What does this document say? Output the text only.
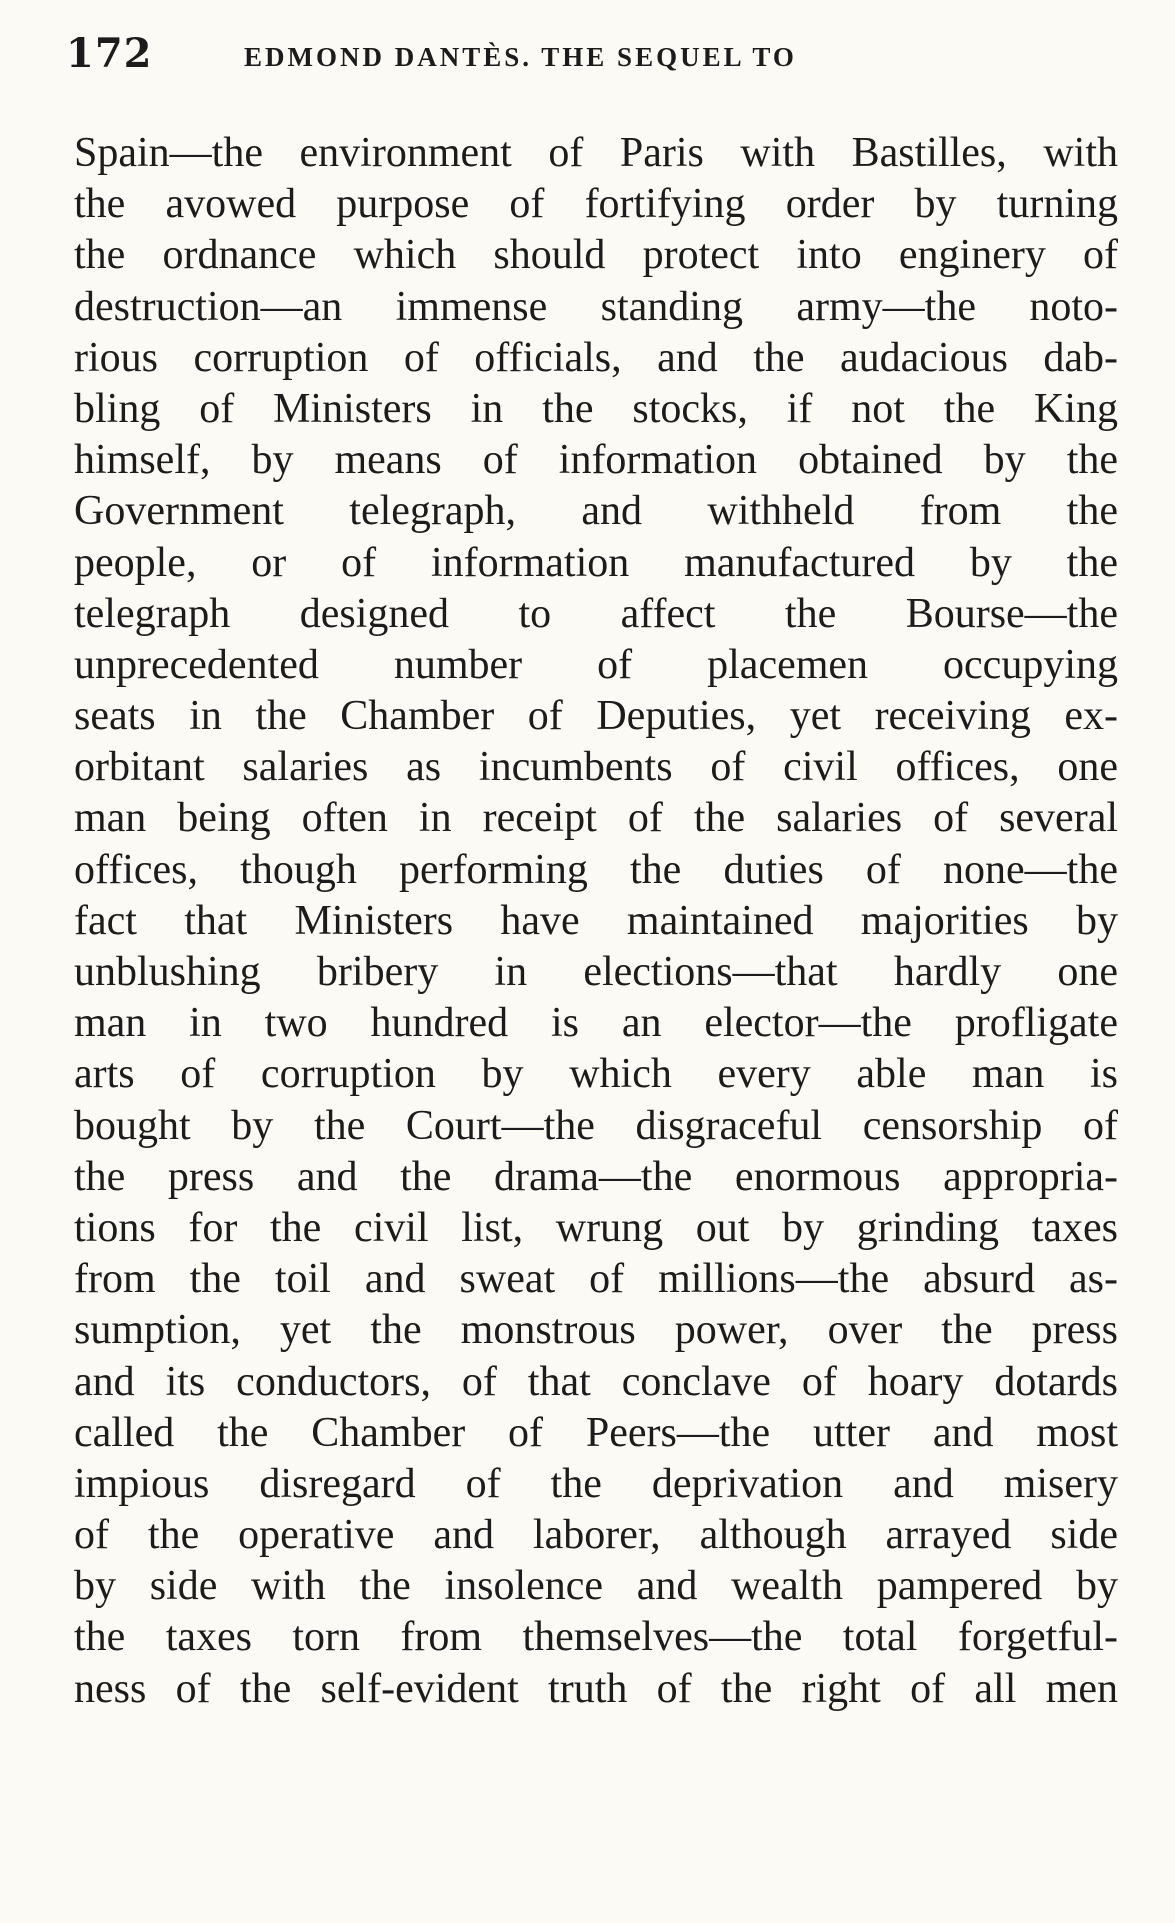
172	EDMOND DANTÈS. THE SEQUEL TO
Spain—the environment of Paris with Bastilles, with
the avowed purpose of fortifying order by turning
the ordnance which should protect into enginery of
destruction—an immense standing army—the noto-
rious corruption of officials, and the audacious dab-
bling of Ministers in the stocks, if not the King
himself, by means of information obtained by the
Government telegraph, and withheld from the
people, or of information manufactured by the
telegraph designed to affect the Bourse—the
unprecedented number of placemen occupying
seats in the Chamber of Deputies, yet receiving ex-
orbitant salaries as incumbents of civil offices, one
man being often in receipt of the salaries of several
offices, though performing the duties of none—the
fact that Ministers have maintained majorities by
unblushing bribery in elections—that hardly one
man in two hundred is an elector—the profligate
arts of corruption by which every able man is
bought by the Court—the disgraceful censorship of
the press and the drama—the enormous appropria-
tions for the civil list, wrung out by grinding taxes
from the toil and sweat of millions—the absurd as-
sumption, yet the monstrous power, over the press
and its conductors, of that conclave of hoary dotards
called the Chamber of Peers—the utter and most
impious disregard of the deprivation and misery
of the operative and laborer, although arrayed side
by side with the insolence and wealth pampered by
the taxes torn from themselves—the total forgetful-
ness of the self-evident truth of the right of all men
